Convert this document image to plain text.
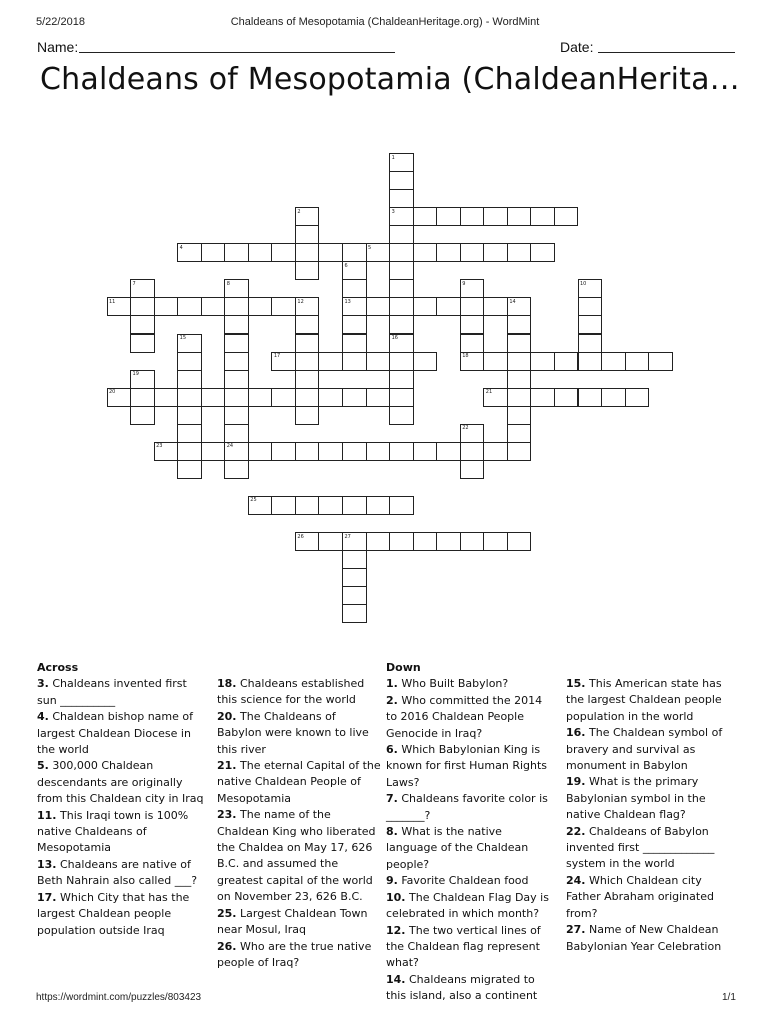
5/22/2018	Chaldeans of Mesopotamia (ChaldeanHeritage.org) - WordMint
Name:	Date:
Chaldeans of Mesopotamia (ChaldeanHerita…
1
2	3
4	5
6
7	8	9	10
11	12	13	14
15	16
17	18
19
20	21
22
23	24
25
26	27
Across
3. Chaldeans invented first sun __________
4. Chaldean bishop name of largest Chaldean Diocese in the world
5. 300,000 Chaldean descendants are originally from this Chaldean city in Iraq
11. This Iraqi town is 100% native Chaldeans of Mesopotamia
13. Chaldeans are native of Beth Nahrain also called ___?
17. Which City that has the largest Chaldean people population outside Iraq
18. Chaldeans established this science for the world
20. The Chaldeans of Babylon were known to live this river
21. The eternal Capital of the native Chaldean People of Mesopotamia
23. The name of the Chaldean King who liberated the Chaldea on May 17, 626 B.C. and assumed the greatest capital of the world on November 23, 626 B.C.
25. Largest Chaldean Town near Mosul, Iraq
26. Who are the true native people of Iraq?
Down
1. Who Built Babylon?
2. Who committed the 2014 to 2016 Chaldean People Genocide in Iraq?
6. Which Babylonian King is known for first Human Rights Laws?
7. Chaldeans favorite color is _______?
8. What is the native language of the Chaldean people?
9. Favorite Chaldean food
10. The Chaldean Flag Day is celebrated in which month?
12. The two vertical lines of the Chaldean flag represent what?
14. Chaldeans migrated to this island, also a continent
15. This American state has the largest Chaldean people population in the world
16. The Chaldean symbol of bravery and survival as monument in Babylon
19. What is the primary Babylonian symbol in the native Chaldean flag?
22. Chaldeans of Babylon invented first _____________ system in the world
24. Which Chaldean city Father Abraham originated from?
27. Name of New Chaldean Babylonian Year Celebration
https://wordmint.com/puzzles/803423	1/1
